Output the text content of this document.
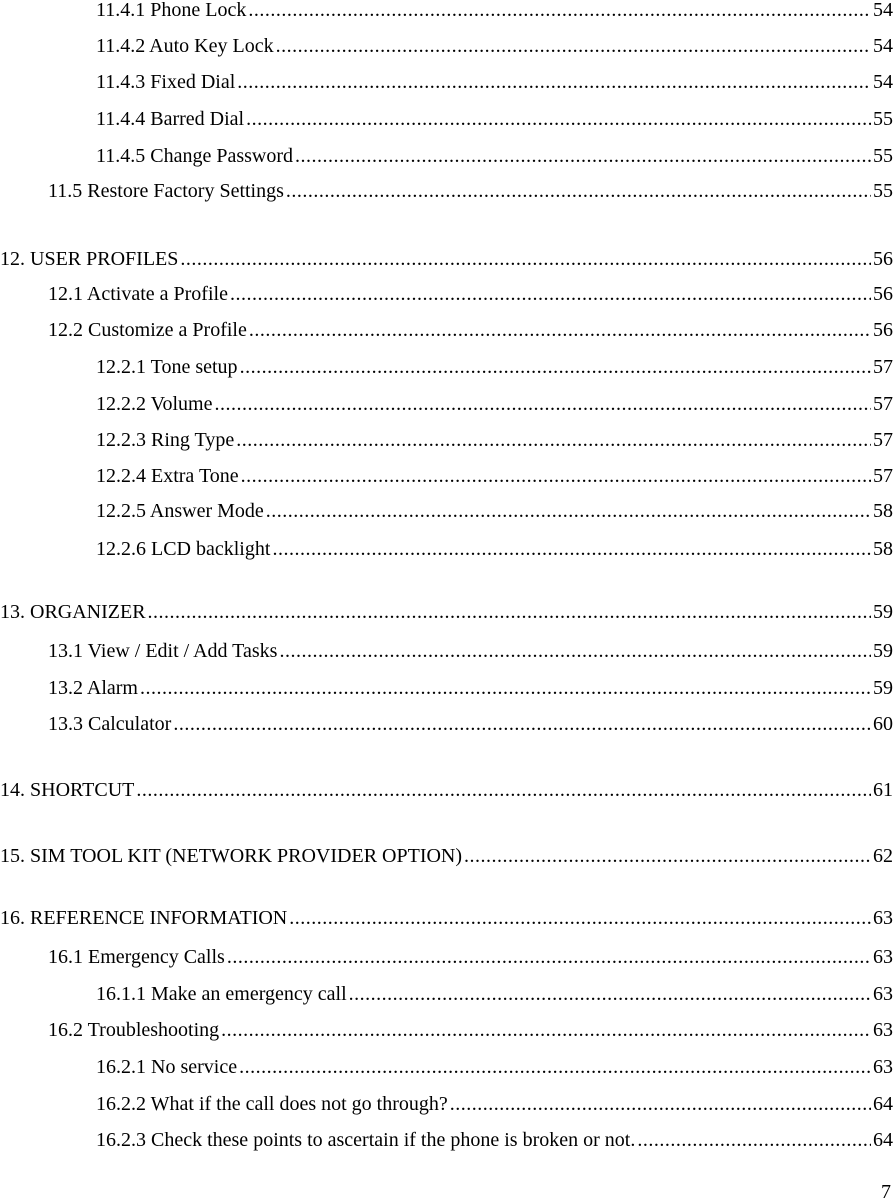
11.4.1 Phone Lock .....	54
11.4.2 Auto Key Lock .....	54
11.4.3 Fixed Dial .....	54
11.4.4 Barred Dial .....	55
11.4.5 Change Password .....	55
11.5 Restore Factory Settings .....	55
12. USER PROFILES .....	56
12.1 Activate a Profile .....	56
12.2 Customize a Profile .....	56
12.2.1 Tone setup .....	57
12.2.2 Volume .....	57
12.2.3 Ring Type .....	57
12.2.4 Extra Tone .....	57
12.2.5 Answer Mode .....	58
12.2.6 LCD backlight .....	58
13. ORGANIZER .....	59
13.1 View / Edit / Add Tasks .....	59
13.2 Alarm .....	59
13.3 Calculator .....	60
14. SHORTCUT .....	61
15. SIM TOOL KIT (NETWORK PROVIDER OPTION) .....	62
16. REFERENCE INFORMATION .....	63
16.1 Emergency Calls .....	63
16.1.1 Make an emergency call .....	63
16.2 Troubleshooting .....	63
16.2.1 No service .....	63
16.2.2 What if the call does not go through? .....	64
16.2.3 Check these points to ascertain if the phone is broken or not. .....	64
7
